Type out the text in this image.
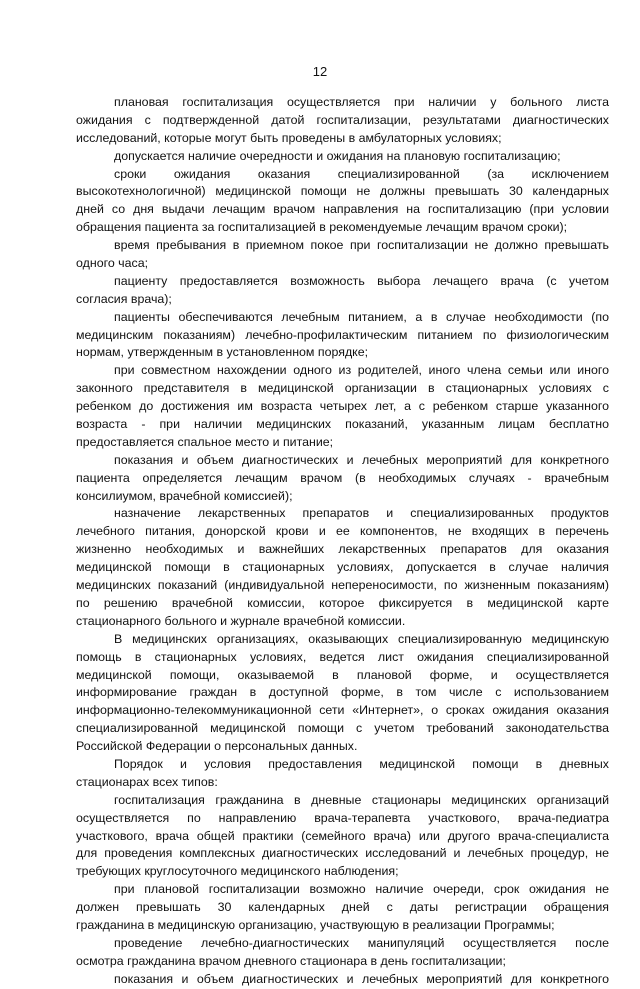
12
плановая госпитализация осуществляется при наличии у больного листа
ожидания с подтвержденной датой госпитализации, результатами диагностических
исследований, которые могут быть проведены в амбулаторных условиях;
допускается наличие очередности и ожидания на плановую госпитализацию;
сроки ожидания оказания специализированной (за исключением
высокотехнологичной) медицинской помощи не должны превышать 30 календарных
дней со дня выдачи лечащим врачом направления на госпитализацию (при условии
обращения пациента за госпитализацией в рекомендуемые лечащим врачом сроки);
время пребывания в приемном покое при госпитализации не должно превышать
одного часа;
пациенту предоставляется возможность выбора лечащего врача (с учетом
согласия врача);
пациенты обеспечиваются лечебным питанием, а в случае необходимости (по
медицинским показаниям) лечебно-профилактическим питанием по физиологическим
нормам, утвержденным в установленном порядке;
при совместном нахождении одного из родителей, иного члена семьи или иного
законного представителя в медицинской организации в стационарных условиях с
ребенком до достижения им возраста четырех лет, а с ребенком старше указанного
возраста - при наличии медицинских показаний, указанным лицам бесплатно
предоставляется спальное место и питание;
показания и объем диагностических и лечебных мероприятий для конкретного
пациента определяется лечащим врачом (в необходимых случаях - врачебным
консилиумом, врачебной комиссией);
назначение лекарственных препаратов и специализированных продуктов
лечебного питания, донорской крови и ее компонентов, не входящих в перечень
жизненно необходимых и важнейших лекарственных препаратов для оказания
медицинской помощи в стационарных условиях, допускается в случае наличия
медицинских показаний (индивидуальной непереносимости, по жизненным показаниям)
по решению врачебной комиссии, которое фиксируется в медицинской карте
стационарного больного и журнале врачебной комиссии.
В медицинских организациях, оказывающих специализированную медицинскую
помощь в стационарных условиях, ведется лист ожидания специализированной
медицинской помощи, оказываемой в плановой форме, и осуществляется
информирование граждан в доступной форме, в том числе с использованием
информационно-телекоммуникационной сети «Интернет», о сроках ожидания оказания
специализированной медицинской помощи с учетом требований законодательства
Российской Федерации о персональных данных.
Порядок и условия предоставления медицинской помощи в дневных
стационарах всех типов:
госпитализация гражданина в дневные стационары медицинских организаций
осуществляется по направлению врача-терапевта участкового, врача-педиатра
участкового, врача общей практики (семейного врача) или другого врача-специалиста
для проведения комплексных диагностических исследований и лечебных процедур, не
требующих круглосуточного медицинского наблюдения;
при плановой госпитализации возможно наличие очереди, срок ожидания не
должен превышать 30 календарных дней с даты регистрации обращения
гражданина в медицинскую организацию, участвующую в реализации Программы;
проведение лечебно-диагностических манипуляций осуществляется после
осмотра гражданина врачом дневного стационара в день госпитализации;
показания и объем диагностических и лечебных мероприятий для конкретного
